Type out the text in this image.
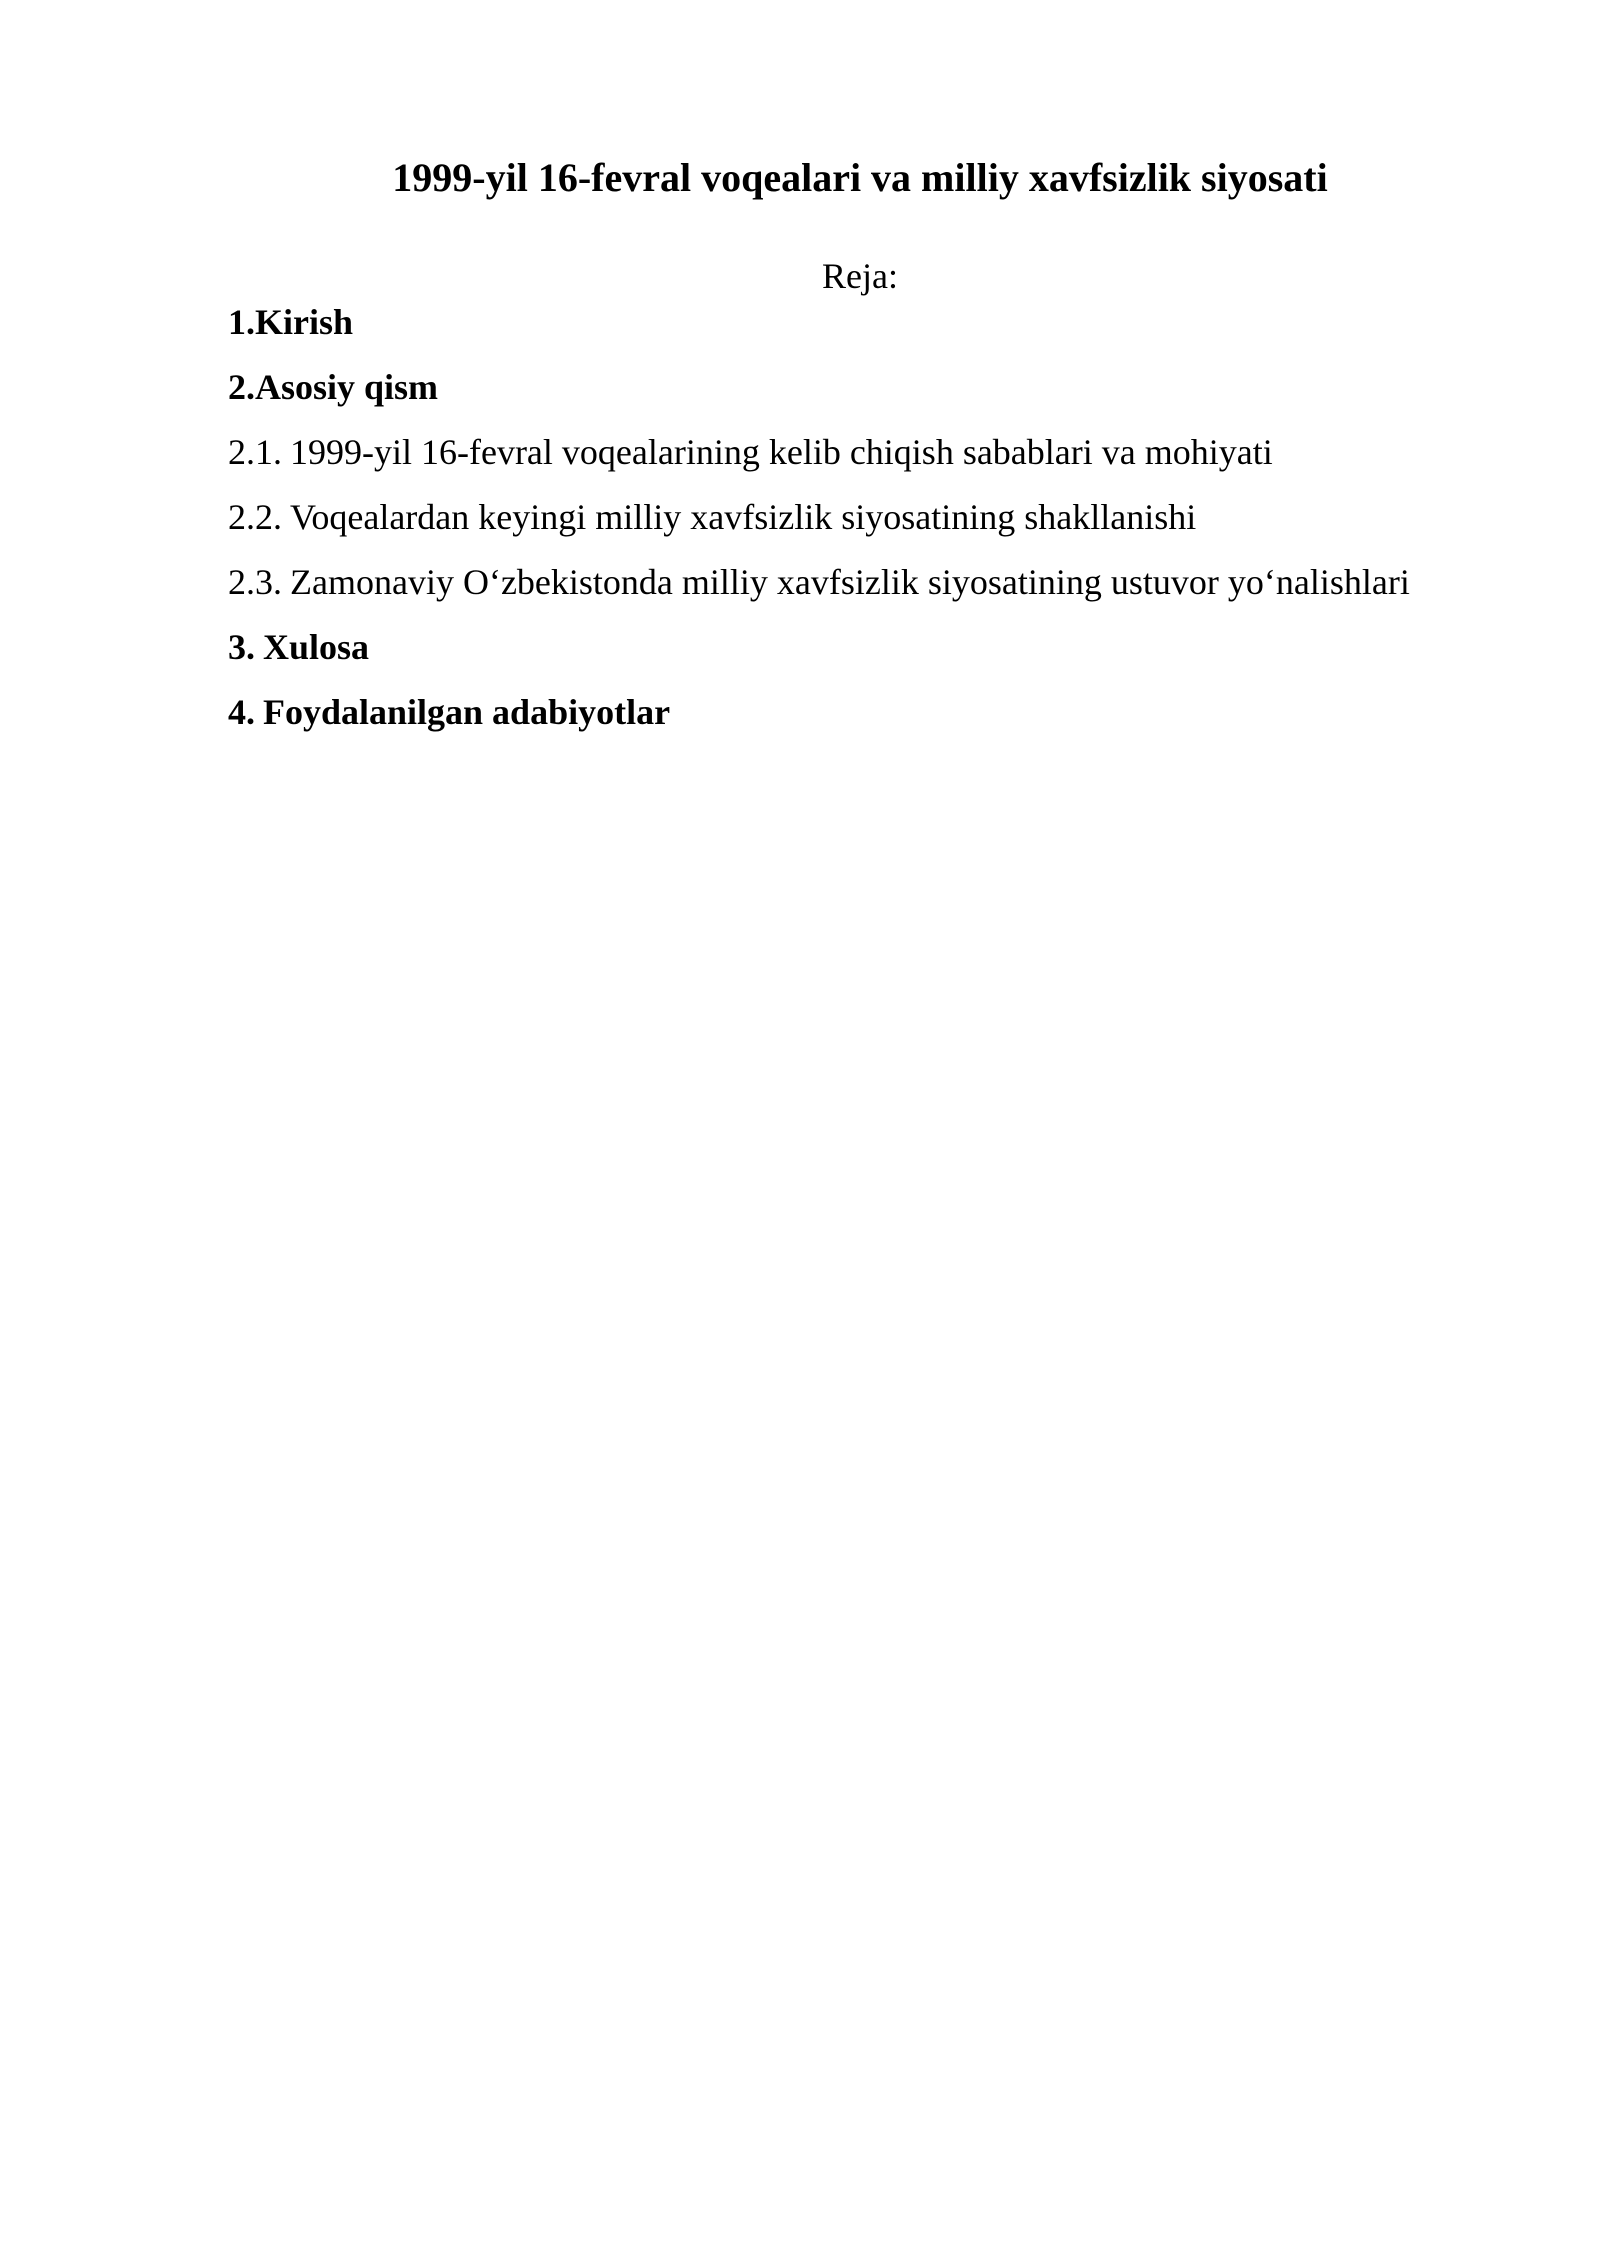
1999-yil 16-fevral voqealari va milliy xavfsizlik siyosati

Reja:

1.Kirish
2.Asosiy qism
2.1. 1999-yil 16-fevral voqealarining kelib chiqish sabablari va mohiyati
2.2. Voqealardan keyingi milliy xavfsizlik siyosatining shakllanishi
2.3. Zamonaviy O‘zbekistonda milliy xavfsizlik siyosatining ustuvor yo‘nalishlari
3. Xulosa
4. Foydalanilgan adabiyotlar
